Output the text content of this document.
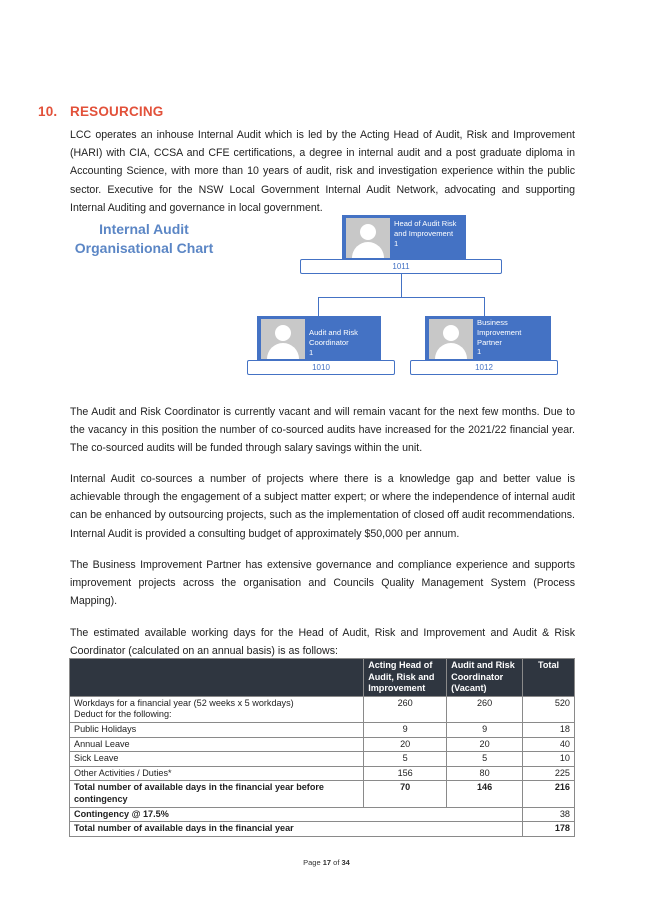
10. RESOURCING
LCC operates an inhouse Internal Audit which is led by the Acting Head of Audit, Risk and Improvement (HARI) with CIA, CCSA and CFE certifications, a degree in internal audit and a post graduate diploma in Accounting Science, with more than 10 years of audit, risk and investigation experience within the public sector. Executive for the NSW Local Government Internal Audit Network, advocating and supporting Internal Auditing and governance in local government.
Internal Audit Organisational Chart
Head of Audit Risk
and Improvement
1
1011
Audit and Risk
Coordinator
1
1010
Business
Improvement
Partner
1
1012
The Audit and Risk Coordinator is currently vacant and will remain vacant for the next few months. Due to the vacancy in this position the number of co-sourced audits have increased for the 2021/22 financial year. The co-sourced audits will be funded through salary savings within the unit.
Internal Audit co-sources a number of projects where there is a knowledge gap and better value is achievable through the engagement of a subject matter expert; or where the independence of internal audit can be enhanced by outsourcing projects, such as the implementation of closed off audit recommendations. Internal Audit is provided a consulting budget of approximately $50,000 per annum.
The Business Improvement Partner has extensive governance and compliance experience and supports improvement projects across the organisation and Councils Quality Management System (Process Mapping).
The estimated available working days for the Head of Audit, Risk and Improvement and Audit & Risk Coordinator (calculated on an annual basis) is as follows:
	Acting Head of Audit, Risk and Improvement	Audit and Risk Coordinator (Vacant)	Total

Workdays for a financial year (52 weeks x 5 workdays)
Deduct for the following:	260	260	520
Public Holidays	9	9	18
Annual Leave	20	20	40
Sick Leave	5	5	10
Other Activities / Duties*	156	80	225
Total number of available days in the financial year before contingency	70	146	216
Contingency @ 17.5%			38
Total number of available days in the financial year			178
Page 17 of 34
